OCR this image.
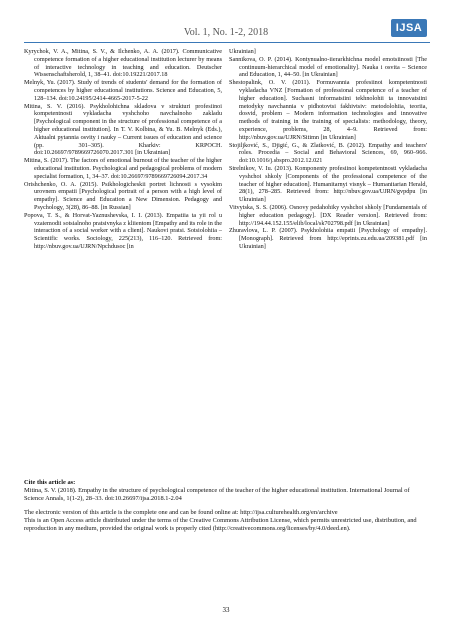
Vol. 1, No. 1-2, 2018	IJSA
Kyrychok, V. A., Mitina, S. V., & Ilchenko, A. A. (2017). Communicative competence formation of a higher educational institution lecturer by means of interactive technology in teaching and education. Deutscher Wissenschaftsherold, 1, 38–41. doi:10.19221/2017.18
Melnyk, Yu. (2017). Study of trends of students' demand for the formation of competences by higher educational institutions. Science and Education, 5, 128–134. doi:10.24195/2414-4665-2017-5-22
Mitina, S. V. (2016). Psykholohichna skladova v strukturi profesiinoi kompetentnosti vykladacha vyshchoho navchalnoho zakladu [Psychological component in the structure of professional competence of a higher educational institution]. In T. V. Kolbina, & Yu. B. Melnyk (Eds.), Aktualni pytannia osvity i nauky – Current issues of education and science (pp. 301–305). Kharkiv: KRPOCH. doi:10.26697/9789669726070.2017.301 [in Ukrainian]
Mitina, S. (2017). The factors of emotional burnout of the teacher of the higher educational institution. Psychological and pedagogical problems of modern specialist formation, 1, 34–37. doi:10.26697/9789669726094.2017.34
Orishchenko, O. A. (2015). Psikhologicheskii portret lichnosti s vysokim urovnem empatii [Psychological portrait of a person with a high level of empathy]. Science and Education a New Dimension. Pedagogy and Psychology, 3(28), 86–88. [in Russian]
Popova, T. S., & Horvat-Yaznushevska, I. I. (2013). Empatiia ta yii rol u vzaiemodii sotsialnoho pratsivnyka z kliientom [Empathy and its role in the interaction of a social worker with a client]. Naukovi pratsi. Sotsiolohiia – Scientific works. Sociology, 225(213), 116–120. Retrieved from: http://nbuv.gov.ua/UJRN/Npchdusoc [in
Ukrainian]
Sannikova, O. P. (2014). Kontynualno-iierarkhichna model emotsiinosti [The continuum-hierarchical model of emotionality]. Nauka i osvita – Science and Education, 1, 44–50. [in Ukrainian]
Shestopalink, O. V. (2011). Formuvannia profesiinoi kompetentnosti vykladacha VNZ [Formation of professional competence of a teacher of higher education]. Suchasni informatsiini tekhnolohii ta innovatsiini metodyky navchannia v pidhotovtsi fakhivtsiv: metodolohiia, teoriia, dosvid, problem – Modern information technologies and innovative methods of training in the training of specialists: methodology, theory, experience, problems, 28, 4–9. Retrieved from: http://nbuv.gov.ua/UJRN/Sitimn [in Ukrainian]
Stojiljković, S., Djigić, G., & Zlatković, B. (2012). Empathy and teachers' roles. Procedia – Social and Behavioral Sciences, 69, 960–966. doi:10.1016/j.sbspro.2012.12.021
Strelnikov, V. Iu. (2013). Komponenty profesiinoi kompetentnosti vykladacha vyshchoi shkoly [Components of the professional competence of the teacher of higher education]. Humanitarnyi visnyk – Humanitarian Herald, 28(1), 278–285. Retrieved from: http://nbuv.gov.ua/UJRN/gvpdpu [in Ukrainian]
Vitvytska, S. S. (2006). Osnovy pedahohiky vyshchoi shkoly [Fundamentals of higher education pedagogy]. [DX Reader version]. Retrieved from: http://194.44.152.155/elib/local/sk702798.pdf [in Ukrainian]
Zhuravlova, L. P. (2007). Psykholohiia empatii [Psychology of empathy]. [Monograph]. Retrieved from http://eprints.zu.edu.ua/209381.pdf [in Ukrainian]
Cite this article as:
Mitina, S. V. (2018). Empathy in the structure of psychological competence of the teacher of the higher educational institution. International Journal of Science Annals, 1(1-2), 28–33. doi:10.26697/ijsa.2018.1-2.04
The electronic version of this article is the complete one and can be found online at: http://ijsa.culturehealth.org/en/archive
This is an Open Access article distributed under the terms of the Creative Commons Attribution License, which permits unrestricted use, distribution, and reproduction in any medium, provided the original work is properly cited (http://creativecommons.org/licenses/by/4.0/deed.en).
33
